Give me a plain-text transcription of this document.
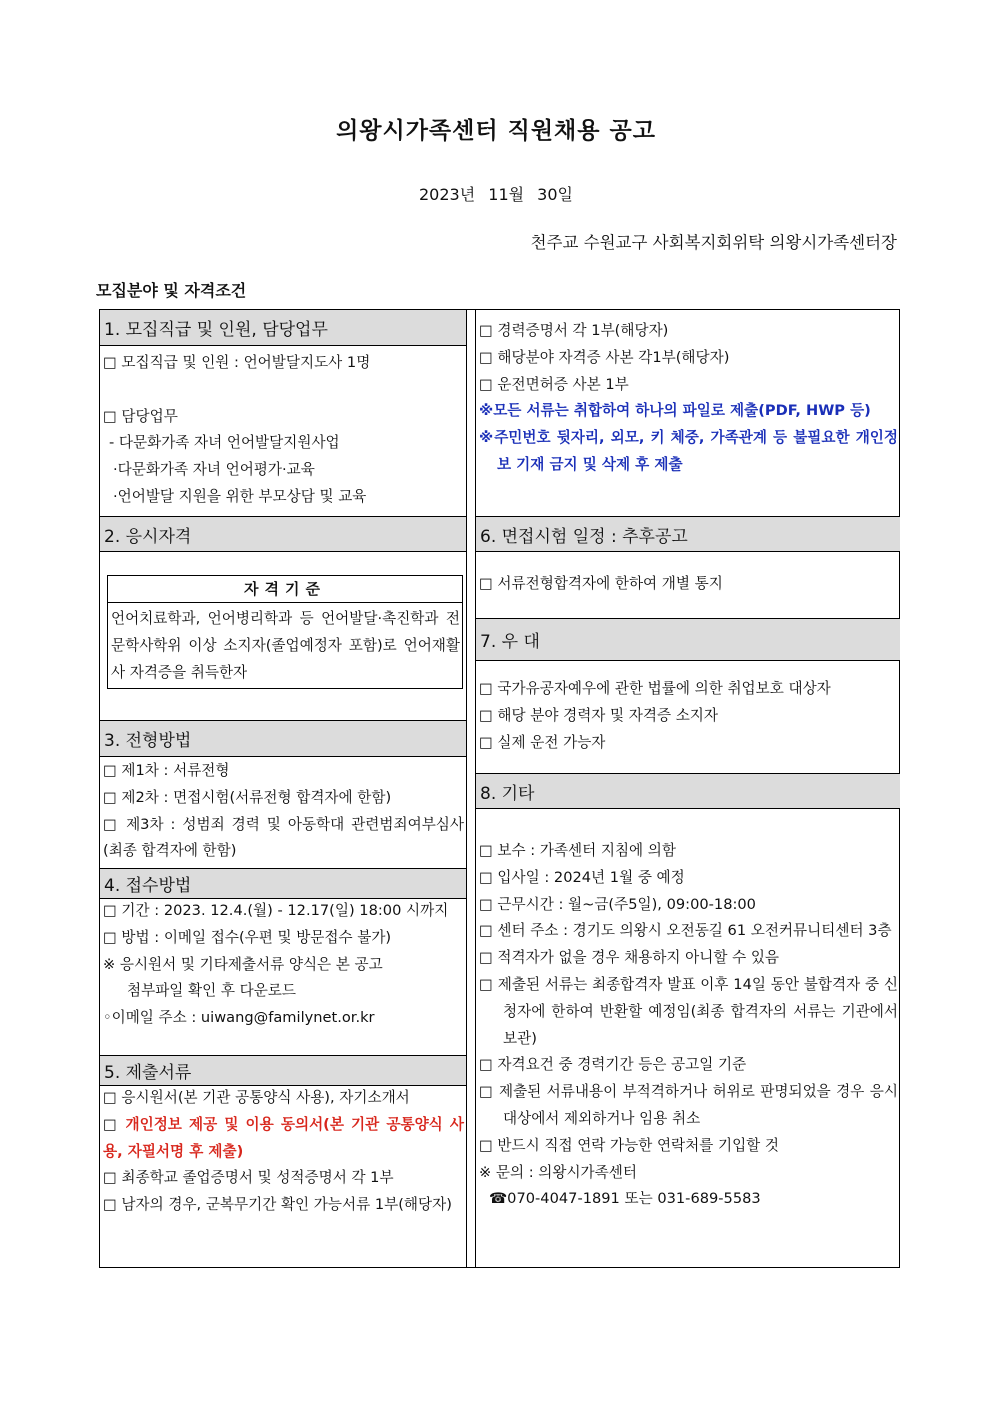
의왕시가족센터 직원채용 공고
2023년 11월 30일
천주교 수원교구 사회복지회위탁 의왕시가족센터장
모집분야 및 자격조건
1. 모집직급 및 인원, 담당업무
□ 모집직급 및 인원 : 언어발달지도사 1명
□ 담당업무
- 다문화가족 자녀 언어발달지원사업
·다문화가족 자녀 언어평가·교육
·언어발달 지원을 위한 부모상담 및 교육
2. 응시자격
자격기준
언어치료학과, 언어병리학과 등 언어발달·촉진학과 전문학사학위 이상 소지자(졸업예정자 포함)로 언어재활사 자격증을 취득한자
3. 전형방법
□ 제1차 : 서류전형
□ 제2차 : 면접시험(서류전형 합격자에 한함)
□ 제3차 : 성범죄 경력 및 아동학대 관련범죄여부심사(최종 합격자에 한함)
4. 접수방법
□ 기간 : 2023. 12.4.(월) - 12.17(일) 18:00 시까지
□ 방법 : 이메일 접수(우편 및 방문접수 불가)
※ 응시원서 및 기타제출서류 양식은 본 공고
첨부파일 확인 후 다운로드
◦이메일 주소 : uiwang@familynet.or.kr
5. 제출서류
□ 응시원서(본 기관 공통양식 사용), 자기소개서
□ 개인정보 제공 및 이용 동의서(본 기관 공통양식 사용, 자필서명 후 제출)
□ 최종학교 졸업증명서 및 성적증명서 각 1부
□ 남자의 경우, 군복무기간 확인 가능서류 1부(해당자)
□ 경력증명서 각 1부(해당자)
□ 해당분야 자격증 사본 각1부(해당자)
□ 운전면허증 사본 1부
※모든 서류는 취합하여 하나의 파일로 제출(PDF, HWP 등)
※주민번호 뒷자리, 외모, 키 체중, 가족관계 등 불필요한 개인정보 기재 금지 및 삭제 후 제출
6. 면접시험 일정 : 추후공고
□ 서류전형합격자에 한하여 개별 통지
7. 우 대
□ 국가유공자예우에 관한 법률에 의한 취업보호 대상자
□ 해당 분야 경력자 및 자격증 소지자
□ 실제 운전 가능자
8. 기타
□ 보수 : 가족센터 지침에 의함
□ 입사일 : 2024년 1월 중 예정
□ 근무시간 : 월~금(주5일), 09:00-18:00
□ 센터 주소 : 경기도 의왕시 오전동길 61 오전커뮤니티센터 3층
□ 적격자가 없을 경우 채용하지 아니할 수 있음
□ 제출된 서류는 최종합격자 발표 이후 14일 동안 불합격자 중 신청자에 한하여 반환할 예정임(최종 합격자의 서류는 기관에서 보관)
□ 자격요건 중 경력기간 등은 공고일 기준
□ 제출된 서류내용이 부적격하거나 허위로 판명되었을 경우 응시대상에서 제외하거나 임용 취소
□ 반드시 직접 연락 가능한 연락처를 기입할 것
※ 문의 : 의왕시가족센터
☎070-4047-1891 또는 031-689-5583
